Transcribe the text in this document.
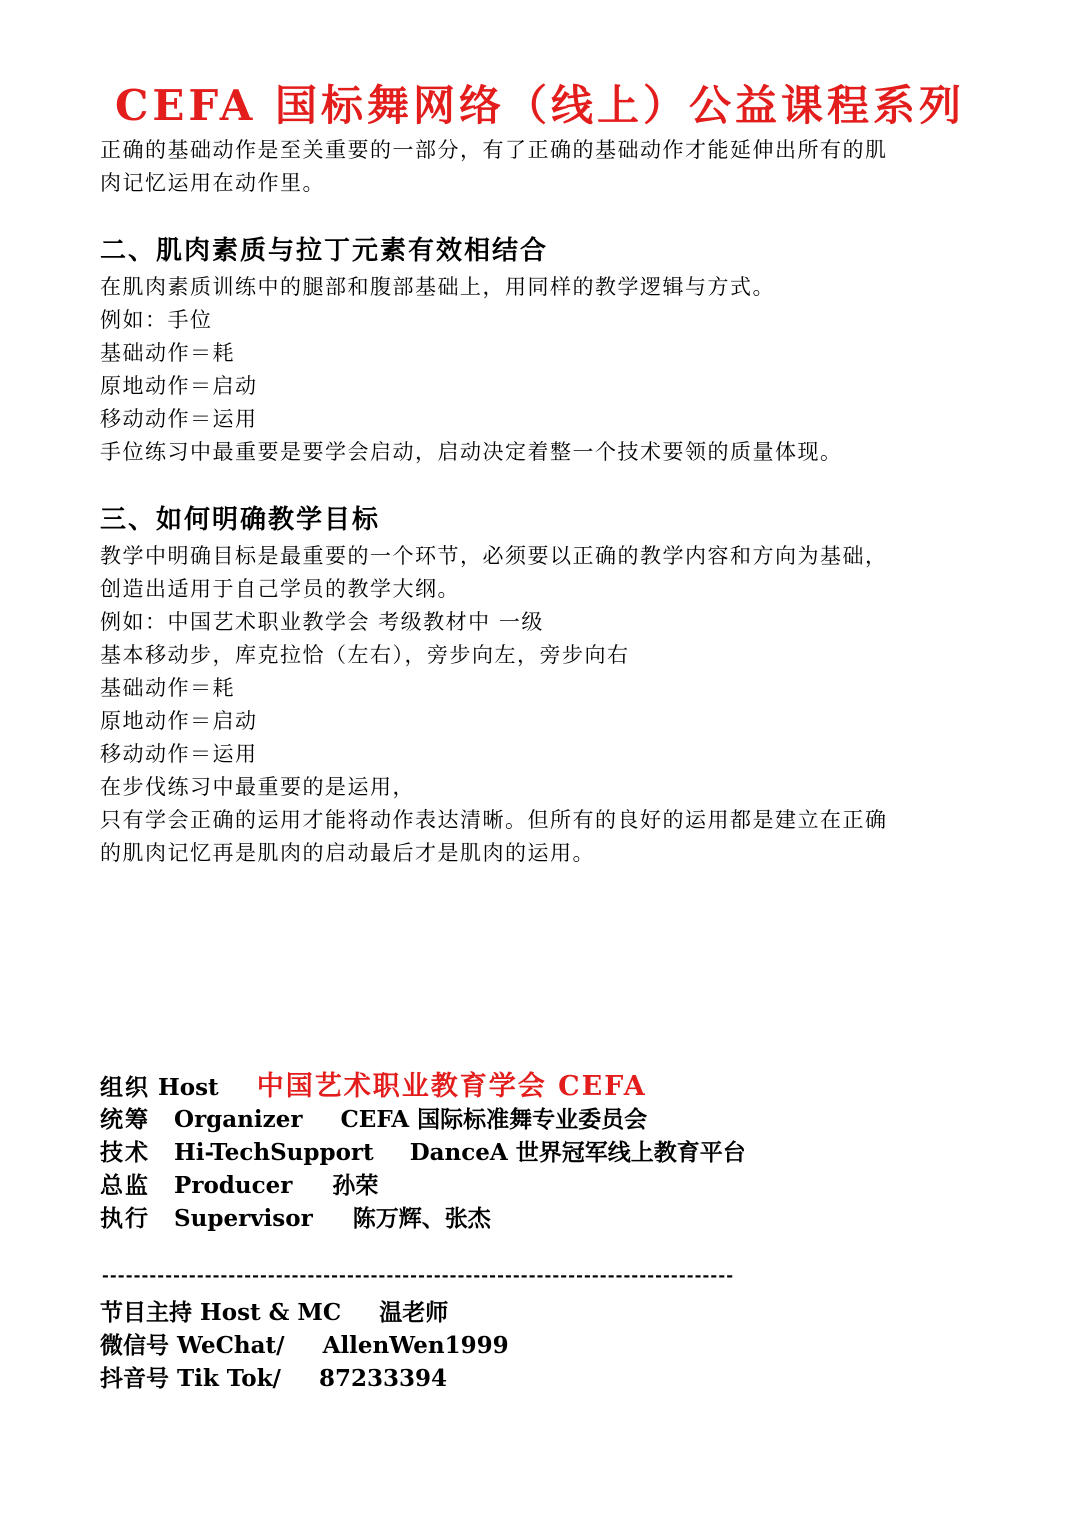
CEFA 国标舞网络（线上）公益课程系列

正确的基础动作是至关重要的一部分，有了正确的基础动作才能延伸出所有的肌

肉记忆运用在动作里。

二、肌肉素质与拉丁元素有效相结合

在肌肉素质训练中的腿部和腹部基础上，用同样的教学逻辑与方式。

例如：手位

基础动作＝耗

原地动作＝启动

移动动作＝运用

手位练习中最重要是要学会启动，启动决定着整一个技术要领的质量体现。

三、如何明确教学目标

教学中明确目标是最重要的一个环节，必须要以正确的教学内容和方向为基础，

创造出适用于自己学员的教学大纲。

例如：中国艺术职业教学会 考级教材中 一级

基本移动步，库克拉恰（左右），旁步向左，旁步向右

基础动作＝耗

原地动作＝启动

移动动作＝运用

在步伐练习中最重要的是运用，

只有学会正确的运用才能将动作表达清晰。但所有的良好的运用都是建立在正确

的肌肉记忆再是肌肉的启动最后才是肌肉的运用。

组织 Host 中国艺术职业教育学会 CEFA
统筹 Organizer CEFA 国际标准舞专业委员会
技术 Hi-TechSupport DanceA 世界冠军线上教育平台
总监 Producer 孙荣
执行 Supervisor 陈万辉、张杰
--------------------------------------------------------------------------------
节目主持 Host & MC 温老师
微信号 WeChat/ AllenWen1999
抖音号 Tik Tok/ 87233394
